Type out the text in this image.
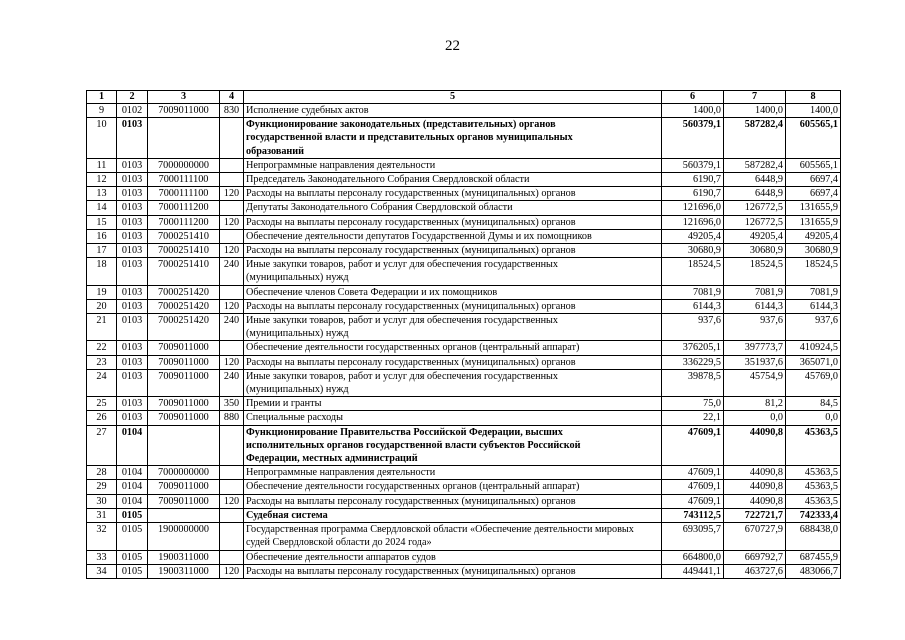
22
1	2	3	4	5	6	7	8
9	0102	7009011000	830	Исполнение судебных актов	1400,0	1400,0	1400,0
10	0103			Функционирование законодательных (представительных) органов
государственной власти и представительных органов муниципальных
образований	560379,1	587282,4	605565,1
11	0103	7000000000		Непрограммные направления деятельности	560379,1	587282,4	605565,1
12	0103	7000111100		Председатель Законодательного Собрания Свердловской области	6190,7	6448,9	6697,4
13	0103	7000111100	120	Расходы на выплаты персоналу государственных (муниципальных) органов	6190,7	6448,9	6697,4
14	0103	7000111200		Депутаты Законодательного Собрания Свердловской области	121696,0	126772,5	131655,9
15	0103	7000111200	120	Расходы на выплаты персоналу государственных (муниципальных) органов	121696,0	126772,5	131655,9
16	0103	7000251410		Обеспечение деятельности депутатов Государственной Думы и их помощников	49205,4	49205,4	49205,4
17	0103	7000251410	120	Расходы на выплаты персоналу государственных (муниципальных) органов	30680,9	30680,9	30680,9
18	0103	7000251410	240	Иные закупки товаров, работ и услуг для обеспечения государственных
(муниципальных) нужд	18524,5	18524,5	18524,5
19	0103	7000251420		Обеспечение членов Совета Федерации и их помощников	7081,9	7081,9	7081,9
20	0103	7000251420	120	Расходы на выплаты персоналу государственных (муниципальных) органов	6144,3	6144,3	6144,3
21	0103	7000251420	240	Иные закупки товаров, работ и услуг для обеспечения государственных
(муниципальных) нужд	937,6	937,6	937,6
22	0103	7009011000		Обеспечение деятельности государственных органов (центральный аппарат)	376205,1	397773,7	410924,5
23	0103	7009011000	120	Расходы на выплаты персоналу государственных (муниципальных) органов	336229,5	351937,6	365071,0
24	0103	7009011000	240	Иные закупки товаров, работ и услуг для обеспечения государственных
(муниципальных) нужд	39878,5	45754,9	45769,0
25	0103	7009011000	350	Премии и гранты	75,0	81,2	84,5
26	0103	7009011000	880	Специальные расходы	22,1	0,0	0,0
27	0104			Функционирование Правительства Российской Федерации, высших
исполнительных органов государственной власти субъектов Российской
Федерации, местных администраций	47609,1	44090,8	45363,5
28	0104	7000000000		Непрограммные направления деятельности	47609,1	44090,8	45363,5
29	0104	7009011000		Обеспечение деятельности государственных органов (центральный аппарат)	47609,1	44090,8	45363,5
30	0104	7009011000	120	Расходы на выплаты персоналу государственных (муниципальных) органов	47609,1	44090,8	45363,5
31	0105			Судебная система	743112,5	722721,7	742333,4
32	0105	1900000000		Государственная программа Свердловской области «Обеспечение деятельности мировых
судей Свердловской области до 2024 года»	693095,7	670727,9	688438,0
33	0105	1900311000		Обеспечение деятельности аппаратов судов	664800,0	669792,7	687455,9
34	0105	1900311000	120	Расходы на выплаты персоналу государственных (муниципальных) органов	449441,1	463727,6	483066,7
